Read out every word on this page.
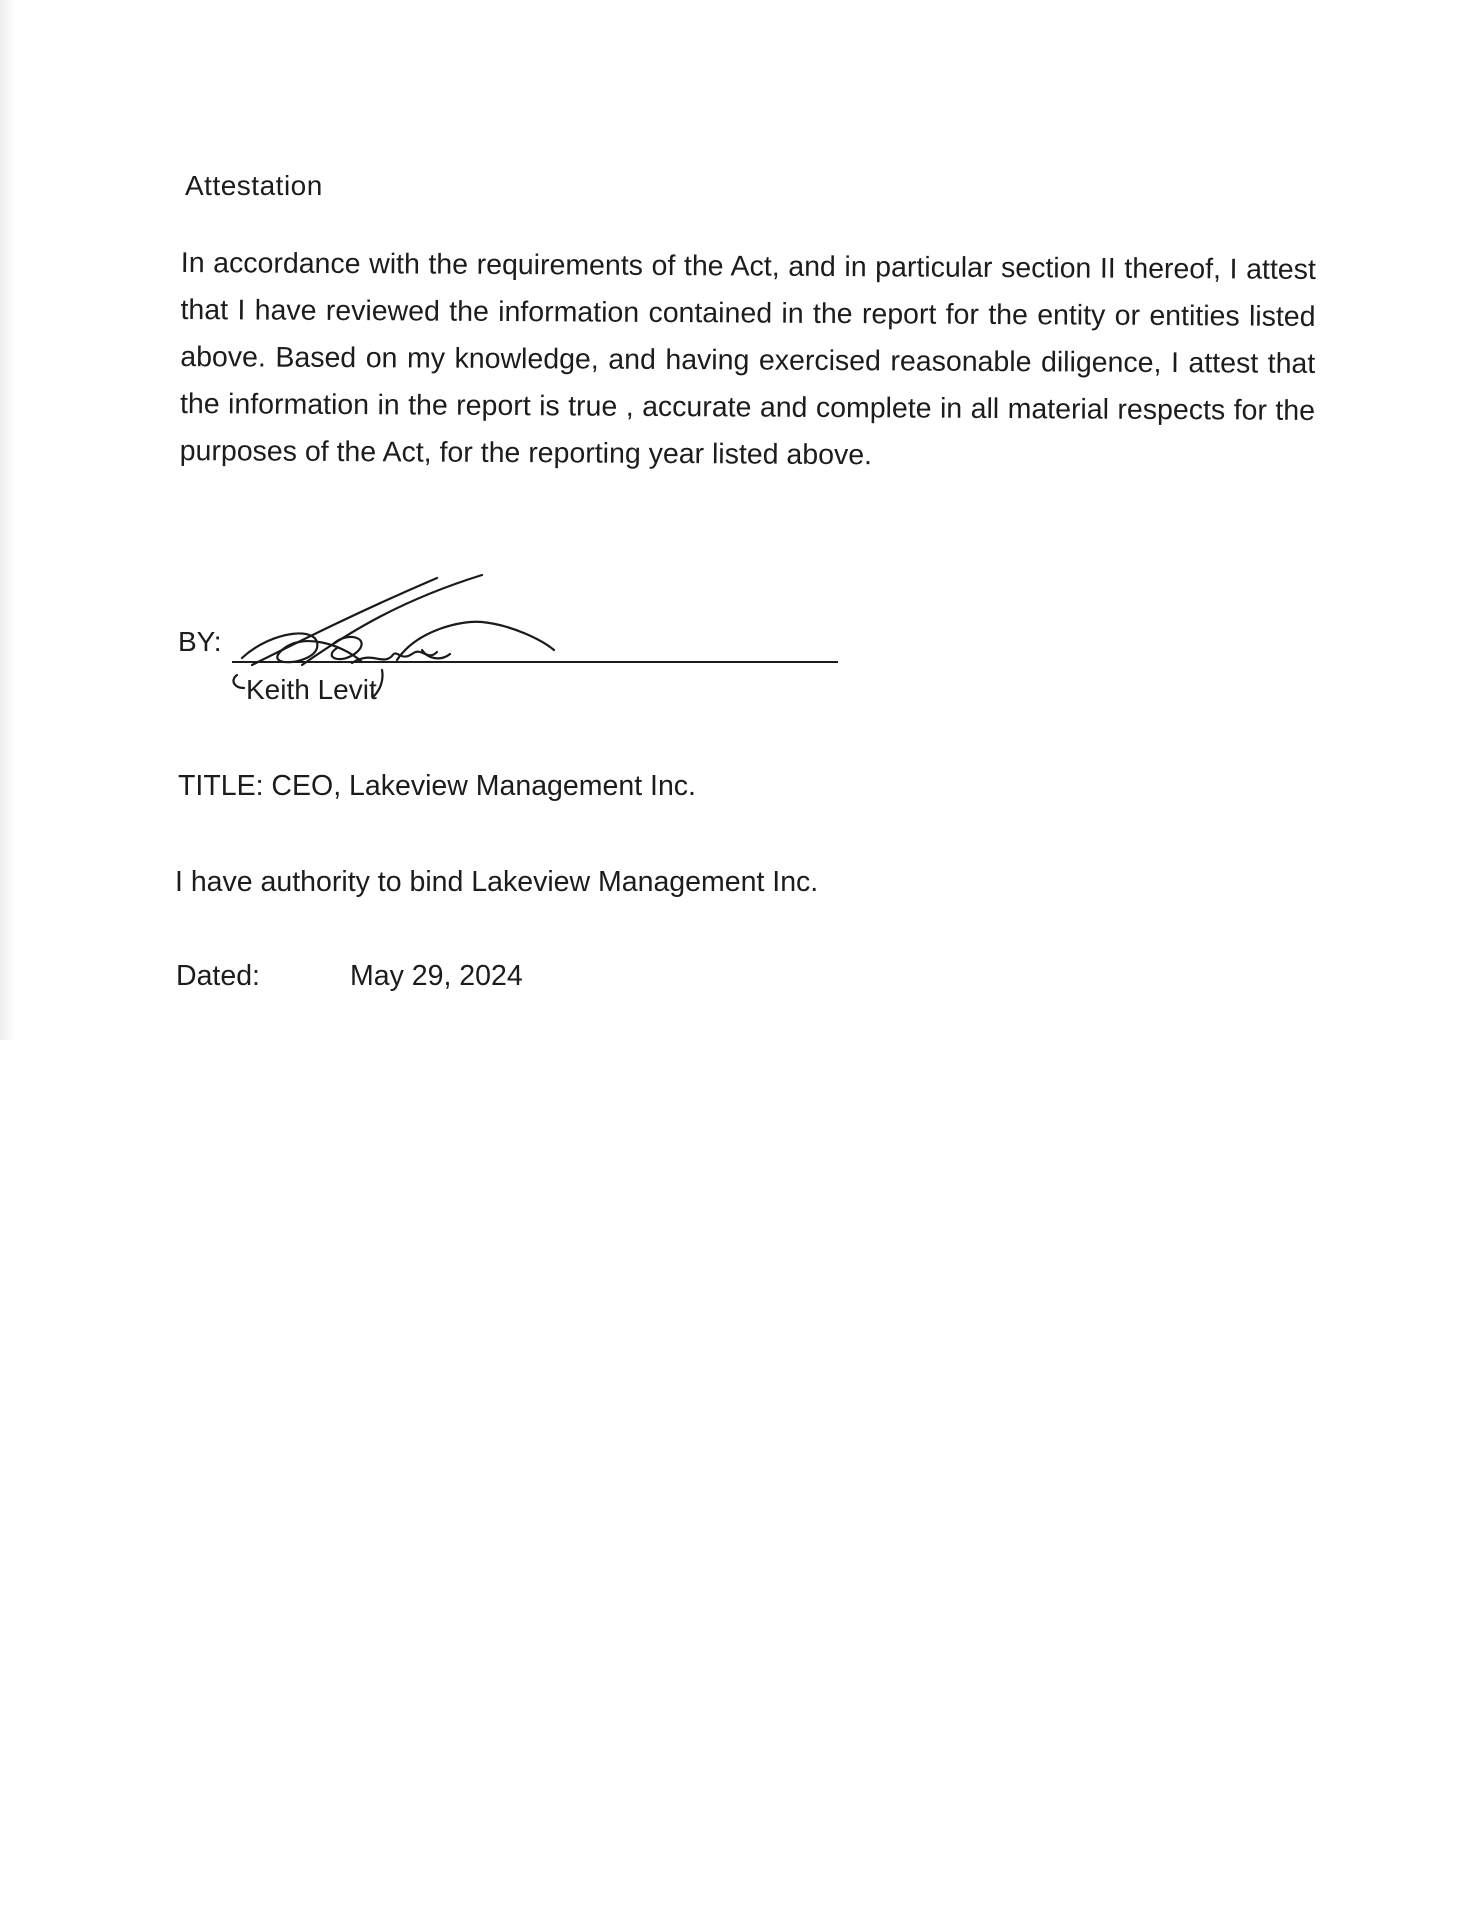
Attestation
In accordance with the requirements of the Act, and in particular section II thereof, I attest that I have reviewed the information contained in the report for the entity or entities listed above. Based on my knowledge, and having exercised reasonable diligence, I attest that the information in the report is true , accurate and complete in all material respects for the purposes of the Act, for the reporting year listed above.
BY:
Keith Levit
TITLE: CEO, Lakeview Management Inc.
I have authority to bind Lakeview Management Inc.
Dated:	May 29, 2024
